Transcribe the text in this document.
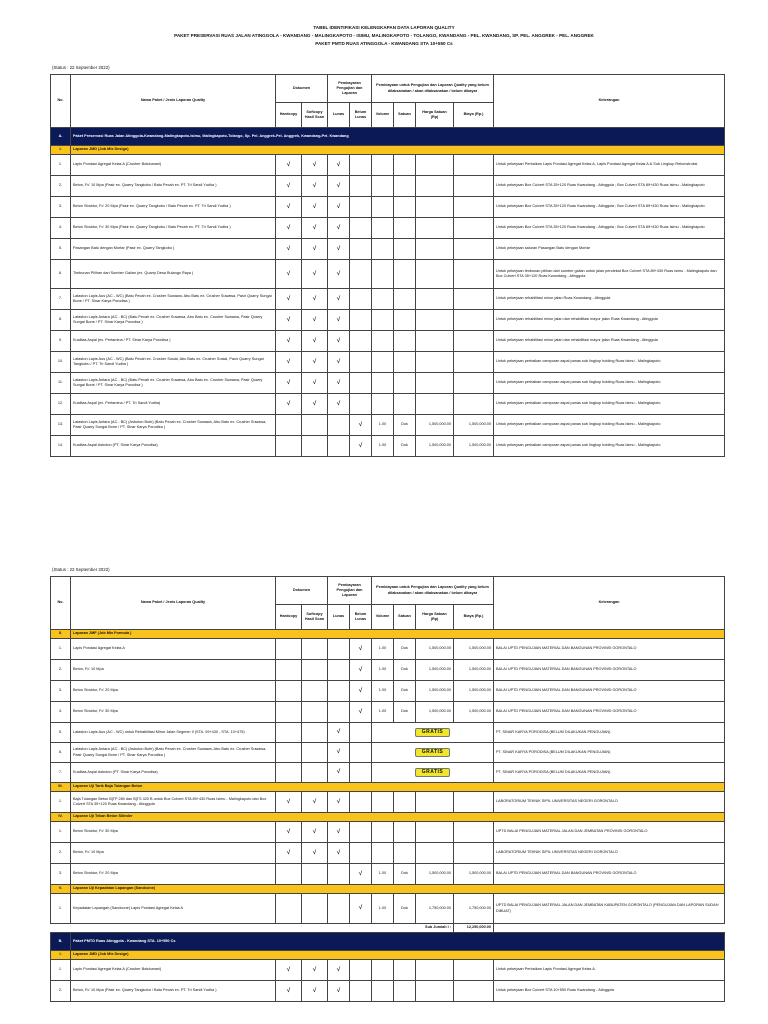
TABEL IDENTIFIKASI KELENGKAPAN DATA LAPORAN QUALITY
PAKET PRESERVASI RUAS JALAN ATINGGOLA - KWANDANG - MALINGKAPOTO - ISIMU, MALINGKAPOTO - TOLANGO, KWANDANG - PEL. KWANDANG, SP. PEL. ANGGREK - PEL. ANGGREK
PAKET PMTD RUAS ATINGGOLA - KWANDANG STA 10+550 Cs
(Status : 22 September 2022)
No.	Nama Paket / Jenis Laporan Quality	Dokumen		Pembayaran Pengujian dan Laporan		Pembiayaan untuk Pengujian dan Laporan Quality yang belum dilaksanakan / akan dilaksanakan / belum dibayar				Keterangan
		Hardcopy	Softcopy Hasil Scan	Lunas	Belum Lunas	Volume	Satuan	Harga Satuan (Rp)	Biaya (Rp.)	
A.	Paket Preservasi Ruas Jalan Atinggola-Kwandang-Malingkapoto-Isimu, Malingkapoto-Tolango, Sp. Pel. Anggrek-Pel. Anggrek, Kwandang-Pel. Kwandang									
I.	Laporan JMD (Job Mix Design)									
1.	Lapis Pondasi Agregat Kelas A (Crusher Botubarani)	√	√	√						Untuk pekerjaan Perbaikan Lapis Pondasi Agregat Kelas A, Lapis Pondasi Agregat Kelas A & Sub Lingkup Rekonstruksi
2.	Beton, Fc' 10 Mpa (Pasir ex. Quarry Tangkobu / Batu Pecah ex. PT. Tri Sandi Yudha )	√	√	√						Untuk pekerjaan Box Culvert STA 35+120 Ruas Kwandang - Atinggola ; Box Culvert STA 89+430 Ruas Isimu - Malingkapoto
3.	Beton Struktur, Fc' 20 Mpa (Pasir ex. Quarry Tangkobu / Batu Pecah ex. PT. Tri Sandi Yudha )	√	√	√						Untuk pekerjaan Box Culvert STA 35+120 Ruas Kwandang - Atinggola ; Box Culvert STA 89+430 Ruas Isimu - Malingkapoto
4.	Beton Struktur, Fc' 30 Mpa (Pasir ex. Quarry Tangkobu / Batu Pecah ex. PT. Tri Sandi Yudha )	√	√	√						Untuk pekerjaan Box Culvert STA 35+120 Ruas Kwandang - Atinggola ; Box Culvert STA 89+430 Ruas Isimu - Malingkapoto
5.	Pasangan Batu dengan Mortar (Pasir ex. Quarry Tangkobu )	√	√	√						Untuk pekerjaan saluran Pasangan Batu dengan Mortar
6.	Timbunan Pilihan dari Sumber Galian (ex. Quarry Desa Bulango Raya )	√	√	√						Untuk pekerjaan timbunan pilihan dari sumber galian untuk jalan pendekat Box Culvert STA 89+430 Ruas Isimu - Malingkapoto dan Box Culvert STA 35+120 Ruas Kwandang - Atinggola
7.	Lataston Lapis Aus (AC - WC) (Batu Pecah ex. Crusher Suwawa, Abu Batu ex. Crusher Suwawa, Pasir Quarry Sungai Bone / PT. Sinar Karya Porodisa )	√	√	√						Untuk pekerjaan rehabilitasi minor jalan Ruas Kwandang - Atinggola
8.	Lataston Lapis Antara (AC - BC) (Batu Pecah ex. Crusher Suwawa, Abu Batu ex. Crusher Suwawa, Pasir Quarry Sungai Bone / PT. Sinar Karya Porodisa )	√	√	√						Untuk pekerjaan rehabilitasi minor jalan dan rehabilitasi mayor jalan Ruas Kwandang - Atinggola
9.	Kualitas Aspal (ex. Pertamina / PT. Sinar Karya Porodisa )	√	√	√						Untuk pekerjaan rehabilitasi minor jalan dan rehabilitasi mayor jalan Ruas Kwandang - Atinggola
10.	Lataston Lapis Aus (AC - WC) (Batu Pecah ex. Crusher Sosial, Abu Batu ex. Crusher Sosial, Pasir Quarry Sungai Tangkobu / PT. Tri Sandi Yudha )	√	√	√						Untuk pekerjaan perbaikan campuran aspal panas sub lingkup holding Ruas Isimu - Malingkapoto
11.	Lataston Lapis Antara (AC - BC) (Batu Pecah ex. Crusher Suwawa, Abu Batu ex. Crusher Suwawa, Pasir Quarry Sungai Bone / PT. Sinar Karya Porodisa )	√	√	√						Untuk pekerjaan perbaikan campuran aspal panas sub lingkup holding Ruas Isimu - Malingkapoto
12.	Kualitas Aspal (ex. Pertamina / PT. Tri Sandi Yudha)	√	√	√						Untuk pekerjaan perbaikan campuran aspal panas sub lingkup holding Ruas Isimu - Malingkapoto
13.	Lataston Lapis Antara (AC - BC) (Asbuton Butir) (Batu Pecah ex. Crusher Suwawa, Abu Batu ex. Crusher Suwawa, Pasir Quarry Sungai Bone / PT. Sinar Karya Porodisa )				√	1.00	Dok	1,500,000.00	1,500,000.00	Untuk pekerjaan perbaikan campuran aspal panas sub lingkup holding Ruas Isimu - Malingkapoto
14.	Kualitas Aspal Asbuton (PT. Sinar Karya Porodisa)				√	1.00	Dok	1,500,000.00	1,500,000.00	Untuk pekerjaan perbaikan campuran aspal panas sub lingkup holding Ruas Isimu - Malingkapoto
(Status : 22 September 2022)
No.	Nama Paket / Jenis Laporan Quality	Dokumen		Pembayaran Pengujian dan Laporan		Pembiayaan untuk Pengujian dan Laporan Quality yang belum dilaksanakan / akan dilaksanakan / belum dibayar				Keterangan
		Hardcopy	Softcopy Hasil Scan	Lunas	Belum Lunas	Volume	Satuan	Harga Satuan (Rp)	Biaya (Rp.)	
II.	Laporan JMF (Job Mix Formula )									
1.	Lapis Pondasi Agregat Kelas A				√	1.00	Dok	1,500,000.00	1,500,000.00	BALAI UPTD PENGUJIAN MATERIAL DAN BANGUNAN PROVINSI GORONTALO
2.	Beton, Fc' 10 Mpa				√	1.00	Dok	1,500,000.00	1,500,000.00	BALAI UPTD PENGUJIAN MATERIAL DAN BANGUNAN PROVINSI GORONTALO
3.	Beton Struktur, Fc' 20 Mpa				√	1.00	Dok	1,500,000.00	1,500,000.00	BALAI UPTD PENGUJIAN MATERIAL DAN BANGUNAN PROVINSI GORONTALO
4.	Beton Struktur, Fc' 30 Mpa				√	1.00	Dok	1,500,000.00	1,500,000.00	BALAI UPTD PENGUJIAN MATERIAL DAN BANGUNAN PROVINSI GORONTALO
5.	Lataston Lapis Aus (AC - WC) untuk Rehabilitasi Minor Jalan Segmen II (STA. 09+430 - STA. 10+475)			√		GRATIS				PT. SINAR KARYA PORODISA (BELUM DILAKUKAN PENGUJIAN)
6.	Lataston Lapis Antara (AC - BC) (Asbuton Butir) (Batu Pecah ex. Crusher Suwawa, Abu Batu ex. Crusher Suwawa, Pasir Quarry Sungai Bone / PT. Sinar Karya Porodisa )			√		GRATIS				PT. SINAR KARYA PORODISA (BELUM DILAKUKAN PENGUJIAN)
7.	Kualitas Aspal Asbuton (PT. Sinar Karya Porodisa)			√		GRATIS				PT. SINAR KARYA PORODISA (BELUM DILAKUKAN PENGUJIAN)
III.	Laporan Uji Tarik Baja Tulangan Beton									
1.	Baja Tulangan Beton BjTP 280 dan BjTS 420 B untuk Box Culvert STA 89+430 Ruas Isimu - Malingkapoto dan Box Culvert STA 35+120 Ruas Kwandang - Atinggola	√	√	√						LABORATORIUM TEKNIK SIPIL UNIVERSITAS NEGERI GORONTALO
IV.	Laporan Uji Tekan Beton Silinder									
1.	Beton Struktur, Fc' 30 Mpa	√	√	√						UPTD BALAI PENGUJIAN MATERIAL JALAN DAN JEMBATAN PROVINSI GORONTALO
2.	Beton, Fc' 10 Mpa	√	√	√						LABORATORIUM TEKNIK SIPIL UNIVERSITAS NEGERI GORONTALO
3.	Beton Struktur, Fc' 20 Mpa				√	1.00	Dok	1,500,000.00	1,500,000.00	BALAI UPTD PENGUJIAN MATERIAL DAN BANGUNAN PROVINSI GORONTALO
V.	Laporan Uji Kepadatan Lapangan (Sandcone)									
1.	Kepadatan Lapangan (Sandcone) Lapis Pondasi Agregat Kelas A				√	1.00	Dok	1,750,000.00	1,750,000.00	UPTD BALAI PENGUJIAN MATERIAL JALAN DAN JEMBATAN KABUPATEN GORONTALO (PENGUJIAN DAN LAPORAN SUDAH DIBUAT)
								Sub Jumlah I :	12,250,000.00	
B.	Paket PMTD Ruas Atinggola - Kwandang STA. 10+550 Cs									
I.	Laporan JMD (Job Mix Design)									
1.	Lapis Pondasi Agregat Kelas A (Crusher Botubarani)	√	√	√						Untuk pekerjaan Perbaikan Lapis Pondasi Agregat Kelas A.
2.	Beton, Fc' 10 Mpa (Pasir ex. Quarry Tangkobu / Batu Pecah ex. PT. Tri Sandi Yudha )	√	√	√						Untuk pekerjaan Box Culvert STA 10+550 Ruas Kwandang - Atinggola
